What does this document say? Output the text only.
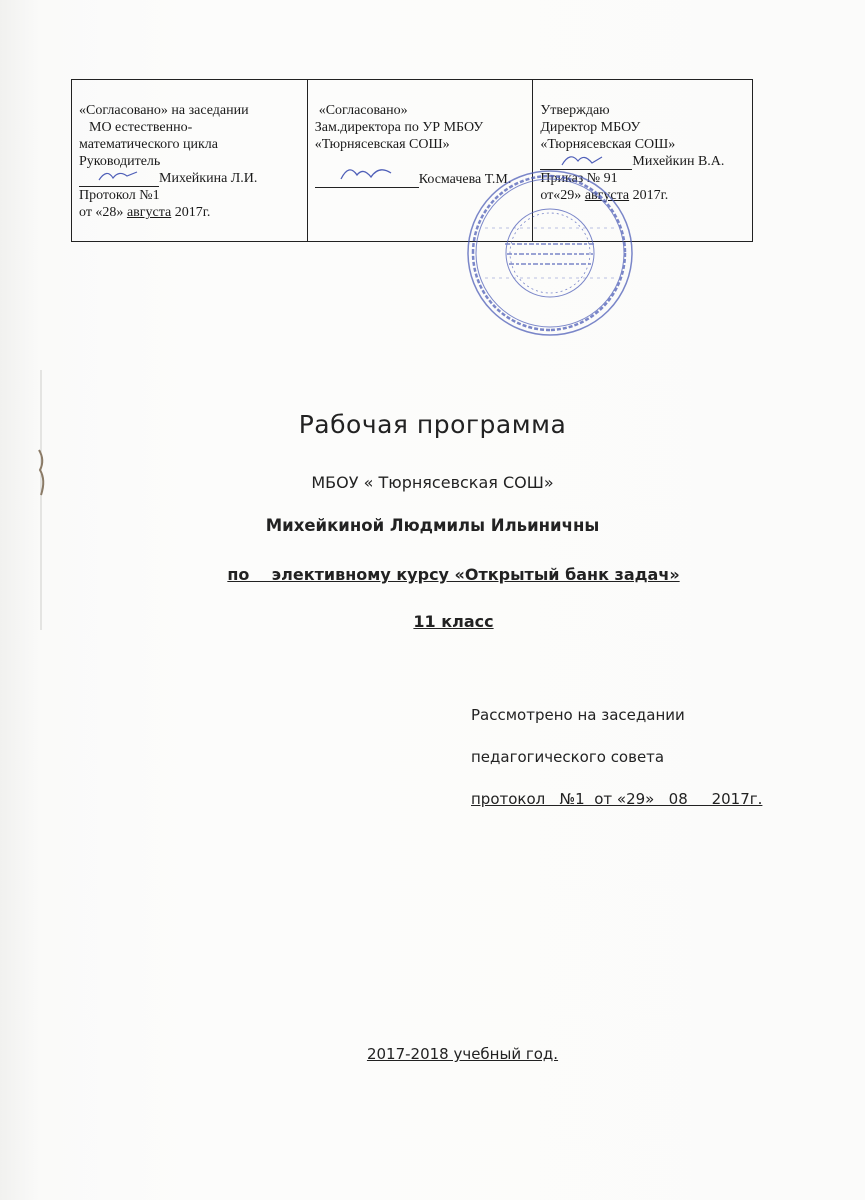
«Согласовано» на заседании
МО естественно-
математического цикла
Руководитель
Михейкина Л.И.
Протокол №1
от «28» августа 2017г.

«Согласовано»
Зам.директора по УР МБОУ
«Тюрнясевская СОШ»
Космачева Т.М.

Утверждаю
Директор МБОУ
«Тюрнясевская СОШ»
Михейкин В.А.
Приказ № 91
от«29» августа 2017г.
Рабочая программа
МБОУ « Тюрнясевская СОШ»
Михейкиной Людмилы Ильиничны
по    элективному курсу «Открытый банк задач»
11 класс
Рассмотрено на заседании
педагогического совета
протокол   №1  от «29»   08     2017г.
2017-2018 учебный год.
